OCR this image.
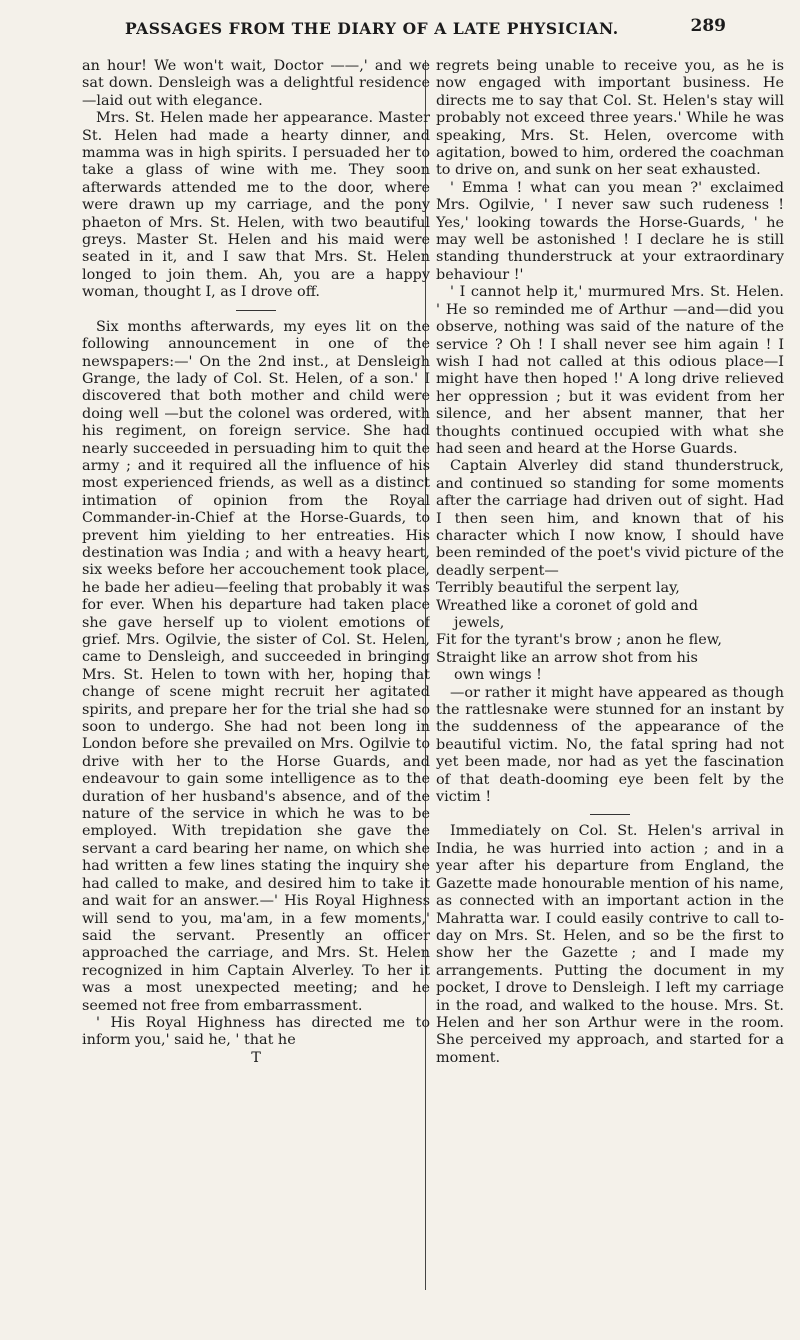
PASSAGES FROM THE DIARY OF A LATE PHYSICIAN.	289

an hour! We won't wait, Doctor ——,' and we sat down. Densleigh was a delightful residence—laid out with elegance.

Mrs. St. Helen made her appearance. Master St. Helen had made a hearty dinner, and mamma was in high spirits. I persuaded her to take a glass of wine with me. They soon afterwards attended me to the door, where were drawn up my carriage, and the pony phaeton of Mrs. St. Helen, with two beautiful greys. Master St. Helen and his maid were seated in it, and I saw that Mrs. St. Helen longed to join them. Ah, you are a happy woman, thought I, as I drove off.

Six months afterwards, my eyes lit on the following announcement in one of the newspapers:—' On the 2nd inst., at Densleigh Grange, the lady of Col. St. Helen, of a son.' I discovered that both mother and child were doing well —but the colonel was ordered, with his regiment, on foreign service. She had nearly succeeded in persuading him to quit the army ; and it required all the influence of his most experienced friends, as well as a distinct intimation of opinion from the Royal Commander-in-Chief at the Horse-Guards, to prevent him yielding to her entreaties. His destination was India ; and with a heavy heart, six weeks before her accouchement took place, he bade her adieu—feeling that probably it was for ever. When his departure had taken place she gave herself up to violent emotions of grief. Mrs. Ogilvie, the sister of Col. St. Helen, came to Densleigh, and succeeded in bringing Mrs. St. Helen to town with her, hoping that change of scene might recruit her agitated spirits, and prepare her for the trial she had so soon to undergo. She had not been long in London before she prevailed on Mrs. Ogilvie to drive with her to the Horse Guards, and endeavour to gain some intelligence as to the duration of her husband's absence, and of the nature of the service in which he was to be employed. With trepidation she gave the servant a card bearing her name, on which she had written a few lines stating the inquiry she had called to make, and desired him to take it and wait for an answer.—' His Royal Highness will send to you, ma'am, in a few moments,' said the servant. Presently an officer approached the carriage, and Mrs. St. Helen recognized in him Captain Alverley. To her it was a most unexpected meeting; and he seemed not free from embarrassment.

' His Royal Highness has directed me to inform you,' said he, ' that he

T

regrets being unable to receive you, as he is now engaged with important business. He directs me to say that Col. St. Helen's stay will probably not exceed three years.' While he was speaking, Mrs. St. Helen, overcome with agitation, bowed to him, ordered the coachman to drive on, and sunk on her seat exhausted.

' Emma ! what can you mean ?' exclaimed Mrs. Ogilvie, ' I never saw such rudeness ! Yes,' looking towards the Horse-Guards, ' he may well be astonished ! I declare he is still standing thunderstruck at your extraordinary behaviour !'

' I cannot help it,' murmured Mrs. St. Helen. ' He so reminded me of Arthur —and—did you observe, nothing was said of the nature of the service ? Oh ! I shall never see him again ! I wish I had not called at this odious place—I might have then hoped !' A long drive relieved her oppression ; but it was evident from her silence, and her absent manner, that her thoughts continued occupied with what she had seen and heard at the Horse Guards.

Captain Alverley did stand thunderstruck, and continued so standing for some moments after the carriage had driven out of sight. Had I then seen him, and known that of his character which I now know, I should have been reminded of the poet's vivid picture of the deadly serpent—

Terribly beautiful the serpent lay,

Wreathed like a coronet of gold and

jewels,

Fit for the tyrant's brow ; anon he flew,

Straight like an arrow shot from his

own wings !

—or rather it might have appeared as though the rattlesnake were stunned for an instant by the suddenness of the appearance of the beautiful victim. No, the fatal spring had not yet been made, nor had as yet the fascination of that death-dooming eye been felt by the victim !

Immediately on Col. St. Helen's arrival in India, he was hurried into action ; and in a year after his departure from England, the Gazette made honourable mention of his name, as connected with an important action in the Mahratta war. I could easily contrive to call to-day on Mrs. St. Helen, and so be the first to show her the Gazette ; and I made my arrangements. Putting the document in my pocket, I drove to Densleigh. I left my carriage in the road, and walked to the house. Mrs. St. Helen and her son Arthur were in the room. She perceived my approach, and started for a moment.
